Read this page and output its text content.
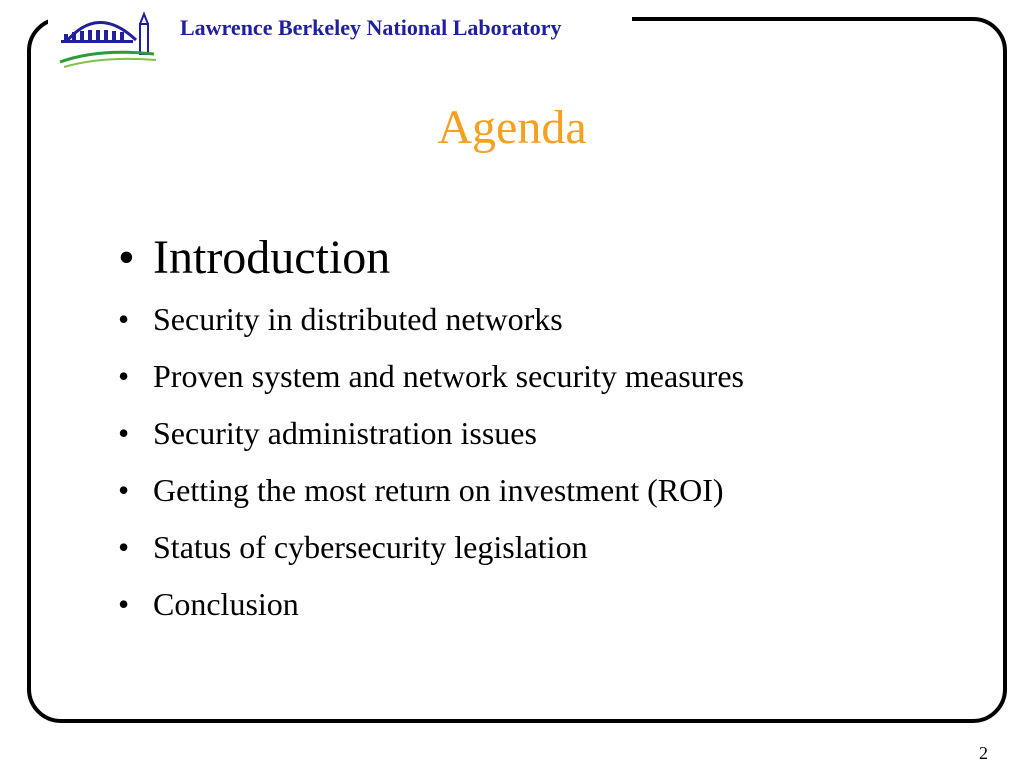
Lawrence Berkeley National Laboratory
Agenda
• Introduction
• Security in distributed networks
• Proven system and network security measures
• Security administration issues
• Getting the most return on investment (ROI)
• Status of cybersecurity legislation
• Conclusion
2
